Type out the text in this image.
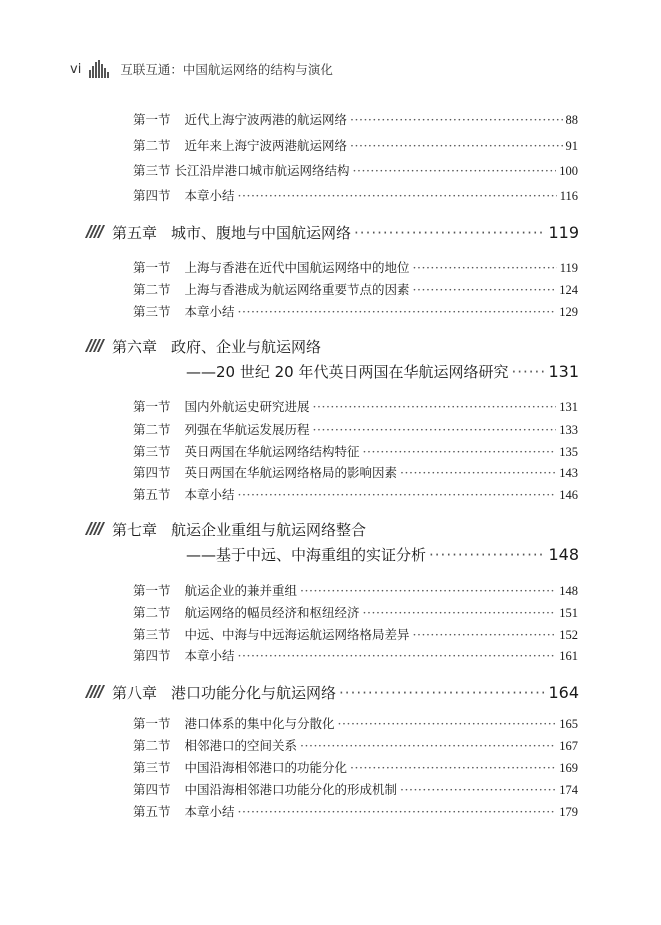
vi	互联互通：中国航运网络的结构与演化
第一节 近代上海宁波两港的航运网络 ·····	88
第二节 近年来上海宁波两港航运网络 ·····	91
第三节 长江沿岸港口城市航运网络结构 ·····	100
第四节 本章小结 ·····	116
第五章 城市、腹地与中国航运网络 ·····	119
第一节 上海与香港在近代中国航运网络中的地位 ·····	119
第二节 上海与香港成为航运网络重要节点的因素 ·····	124
第三节 本章小结 ·····	129
第六章 政府、企业与航运网络
——20 世纪 20 年代英日两国在华航运网络研究 ····· 131
第一节 国内外航运史研究进展 ·····	131
第二节 列强在华航运发展历程 ·····	133
第三节 英日两国在华航运网络结构特征 ·····	135
第四节 英日两国在华航运网络格局的影响因素 ·····	143
第五节 本章小结 ·····	146
第七章 航运企业重组与航运网络整合
——基于中远、中海重组的实证分析 ·····	148
第一节 航运企业的兼并重组 ·····	148
第二节 航运网络的幅员经济和枢纽经济 ·····	151
第三节 中远、中海与中远海运航运网络格局差异 ·····	152
第四节 本章小结 ·····	161
第八章 港口功能分化与航运网络 ·····	164
第一节 港口体系的集中化与分散化 ·····	165
第二节 相邻港口的空间关系 ·····	167
第三节 中国沿海相邻港口的功能分化 ·····	169
第四节 中国沿海相邻港口功能分化的形成机制 ·····	174
第五节 本章小结 ·····	179
